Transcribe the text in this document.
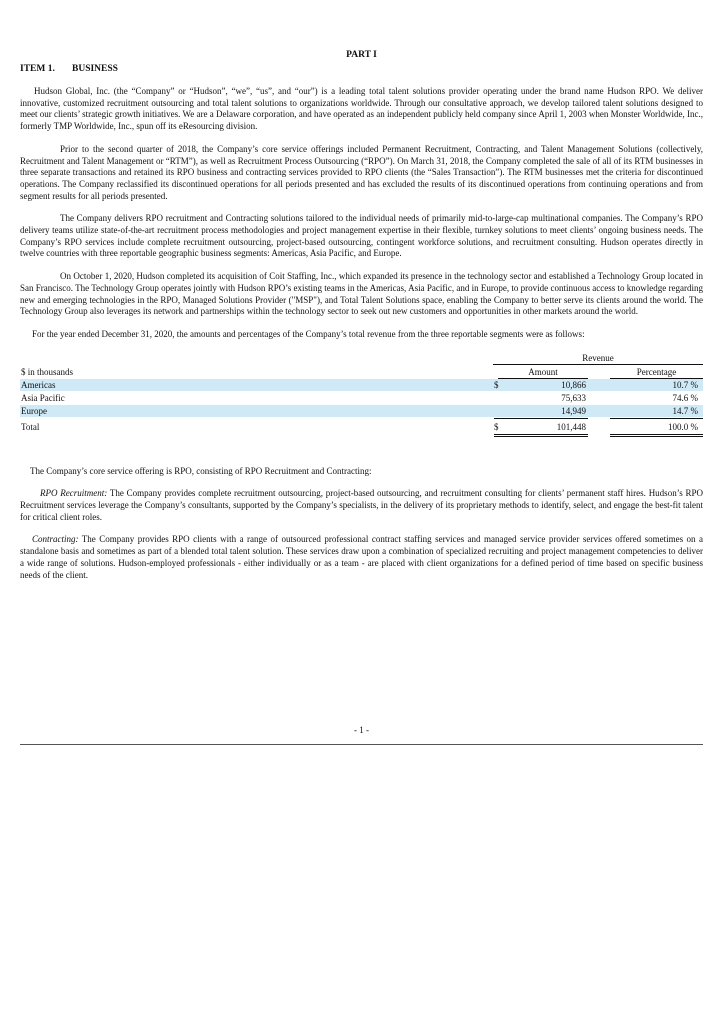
PART I
ITEM 1. BUSINESS

Hudson Global, Inc. (the “Company” or “Hudson”, “we”, “us”, and “our”) is a leading total talent solutions provider operating under the brand name Hudson RPO. We deliver innovative, customized recruitment outsourcing and total talent solutions to organizations worldwide. Through our consultative approach, we develop tailored talent solutions designed to meet our clients’ strategic growth initiatives. We are a Delaware corporation, and have operated as an independent publicly held company since April 1, 2003 when Monster Worldwide, Inc., formerly TMP Worldwide, Inc., spun off its eResourcing division.

Prior to the second quarter of 2018, the Company’s core service offerings included Permanent Recruitment, Contracting, and Talent Management Solutions (collectively, Recruitment and Talent Management or “RTM”), as well as Recruitment Process Outsourcing (“RPO”). On March 31, 2018, the Company completed the sale of all of its RTM businesses in three separate transactions and retained its RPO business and contracting services provided to RPO clients (the “Sales Transaction”). The RTM businesses met the criteria for discontinued operations. The Company reclassified its discontinued operations for all periods presented and has excluded the results of its discontinued operations from continuing operations and from segment results for all periods presented.

The Company delivers RPO recruitment and Contracting solutions tailored to the individual needs of primarily mid-to-large-cap multinational companies. The Company’s RPO delivery teams utilize state-of-the-art recruitment process methodologies and project management expertise in their flexible, turnkey solutions to meet clients’ ongoing business needs. The Company’s RPO services include complete recruitment outsourcing, project-based outsourcing, contingent workforce solutions, and recruitment consulting. Hudson operates directly in twelve countries with three reportable geographic business segments: Americas, Asia Pacific, and Europe.

On October 1, 2020, Hudson completed its acquisition of Coit Staffing, Inc., which expanded its presence in the technology sector and established a Technology Group located in San Francisco. The Technology Group operates jointly with Hudson RPO’s existing teams in the Americas, Asia Pacific, and in Europe, to provide continuous access to knowledge regarding new and emerging technologies in the RPO, Managed Solutions Provider ("MSP"), and Total Talent Solutions space, enabling the Company to better serve its clients around the world. The Technology Group also leverages its network and partnerships within the technology sector to seek out new customers and opportunities in other markets around the world.

For the year ended December 31, 2020, the amounts and percentages of the Company’s total revenue from the three reportable segments were as follows:

Revenue
$ in thousands	Amount	Percentage
Americas	$	10,866	10.7 %
Asia Pacific	75,633	74.6 %
Europe	14,949	14.7 %
Total	$	101,448	100.0 %

The Company’s core service offering is RPO, consisting of RPO Recruitment and Contracting:

RPO Recruitment: The Company provides complete recruitment outsourcing, project-based outsourcing, and recruitment consulting for clients’ permanent staff hires. Hudson’s RPO Recruitment services leverage the Company’s consultants, supported by the Company’s specialists, in the delivery of its proprietary methods to identify, select, and engage the best-fit talent for critical client roles.

Contracting: The Company provides RPO clients with a range of outsourced professional contract staffing services and managed service provider services offered sometimes on a standalone basis and sometimes as part of a blended total talent solution. These services draw upon a combination of specialized recruiting and project management competencies to deliver a wide range of solutions. Hudson-employed professionals - either individually or as a team - are placed with client organizations for a defined period of time based on specific business needs of the client.

- 1 -
